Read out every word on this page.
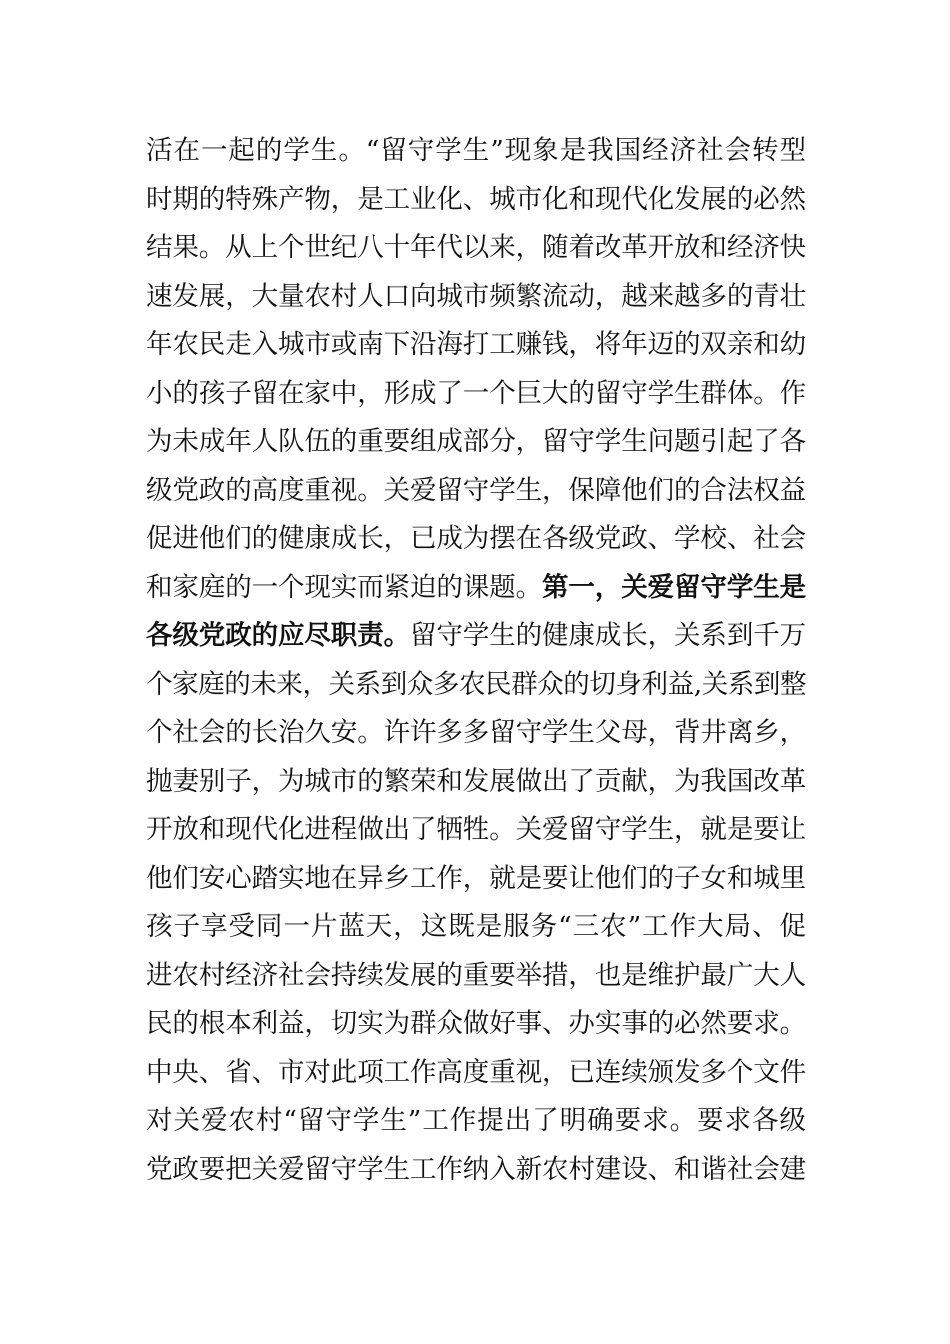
活在一起的学生。“留守学生”现象是我国经济社会转型
时期的特殊产物，是工业化、城市化和现代化发展的必然
结果。从上个世纪八十年代以来，随着改革开放和经济快
速发展，大量农村人口向城市频繁流动，越来越多的青壮
年农民走入城市或南下沿海打工赚钱，将年迈的双亲和幼
小的孩子留在家中，形成了一个巨大的留守学生群体。作
为未成年人队伍的重要组成部分，留守学生问题引起了各
级党政的高度重视。关爱留守学生，保障他们的合法权益
促进他们的健康成长，已成为摆在各级党政、学校、社会
和家庭的一个现实而紧迫的课题。第一，关爱留守学生是
各级党政的应尽职责。留守学生的健康成长，关系到千万
个家庭的未来，关系到众多农民群众的切身利益,关系到整
个社会的长治久安。许许多多留守学生父母，背井离乡，
抛妻别子，为城市的繁荣和发展做出了贡献，为我国改革
开放和现代化进程做出了牺牲。关爱留守学生，就是要让
他们安心踏实地在异乡工作，就是要让他们的子女和城里
孩子享受同一片蓝天，这既是服务“三农”工作大局、促
进农村经济社会持续发展的重要举措，也是维护最广大人
民的根本利益，切实为群众做好事、办实事的必然要求。
中央、省、市对此项工作高度重视，已连续颁发多个文件
对关爱农村“留守学生”工作提出了明确要求。要求各级
党政要把关爱留守学生工作纳入新农村建设、和谐社会建
